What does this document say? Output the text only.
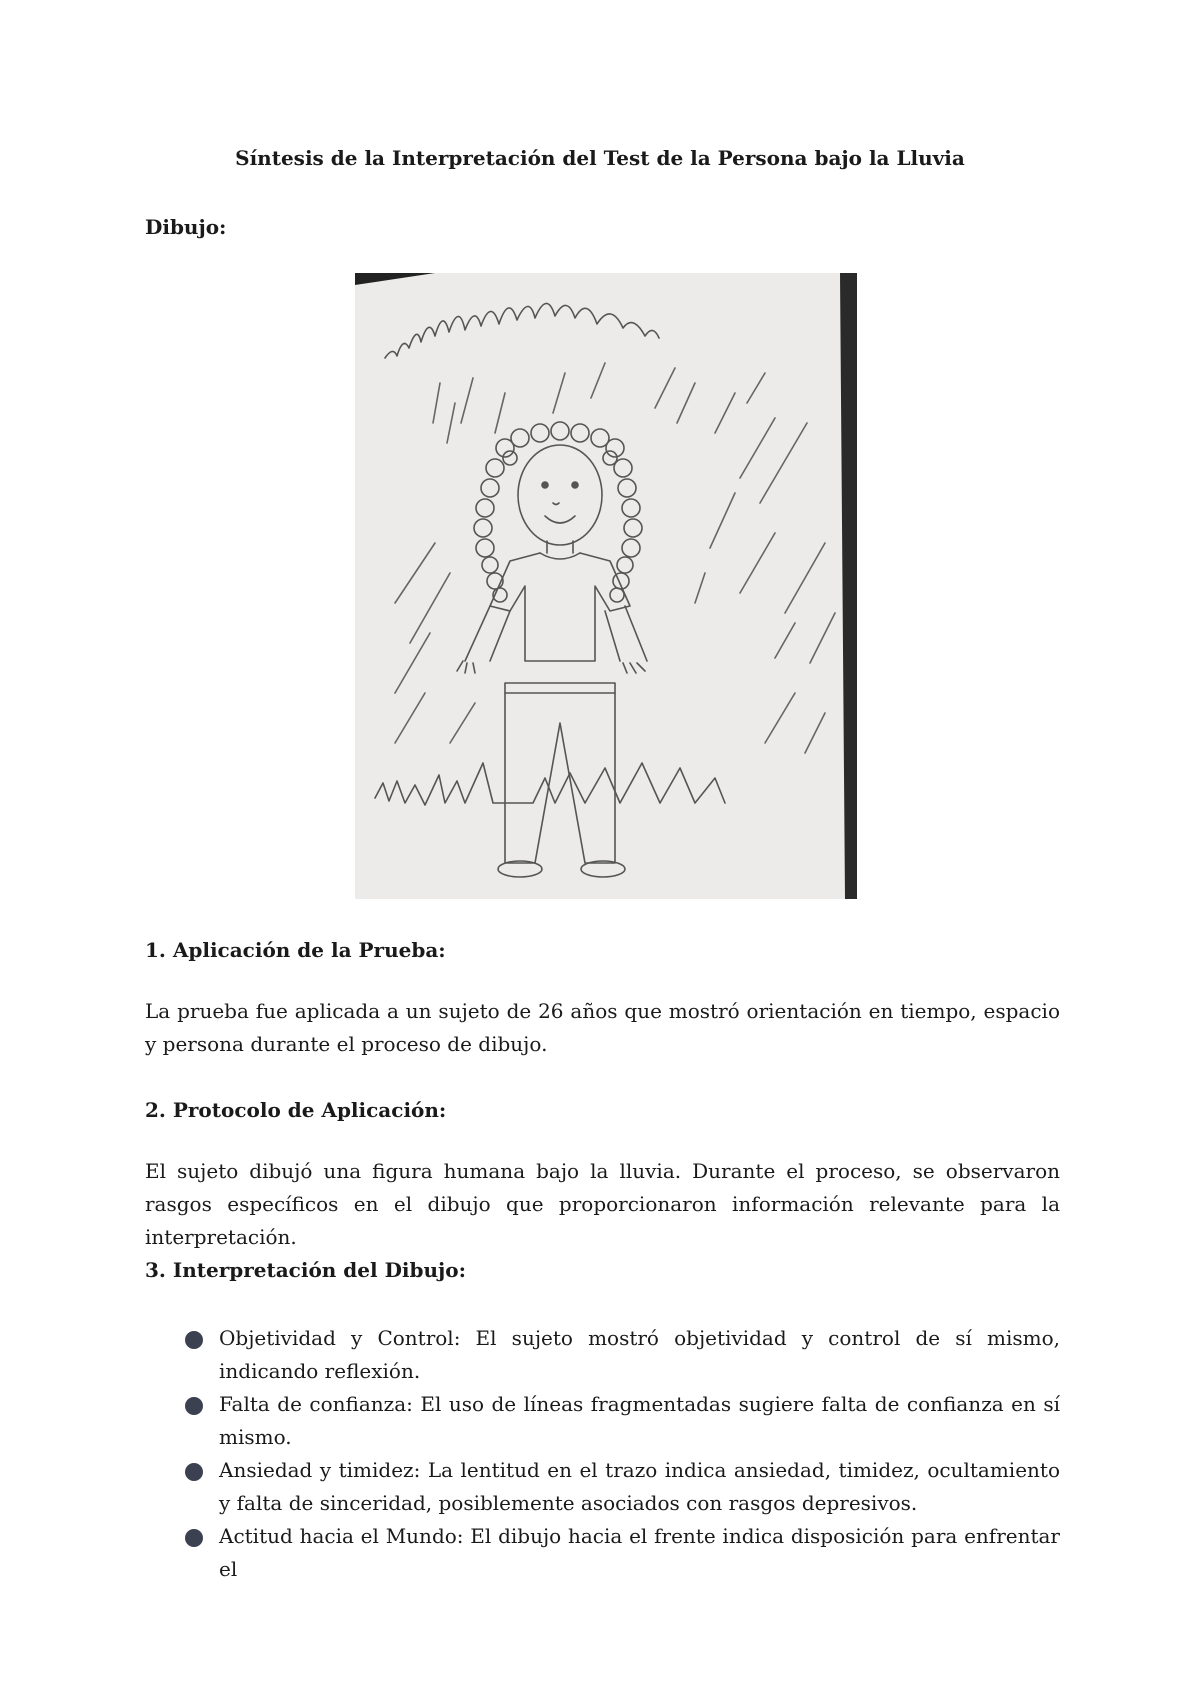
Síntesis de la Interpretación del Test de la Persona bajo la Lluvia
Dibujo:
1. Aplicación de la Prueba:
La prueba fue aplicada a un sujeto de 26 años que mostró orientación en tiempo, espacio y persona durante el proceso de dibujo.
2. Protocolo de Aplicación:
El sujeto dibujó una figura humana bajo la lluvia. Durante el proceso, se observaron rasgos específicos en el dibujo que proporcionaron información relevante para la interpretación.
3. Interpretación del Dibujo:
Objetividad y Control: El sujeto mostró objetividad y control de sí mismo, indicando reflexión.
Falta de confianza: El uso de líneas fragmentadas sugiere falta de confianza en sí mismo.
Ansiedad y timidez: La lentitud en el trazo indica ansiedad, timidez, ocultamiento y falta de sinceridad, posiblemente asociados con rasgos depresivos.
Actitud hacia el Mundo: El dibujo hacia el frente indica disposición para enfrentar el
